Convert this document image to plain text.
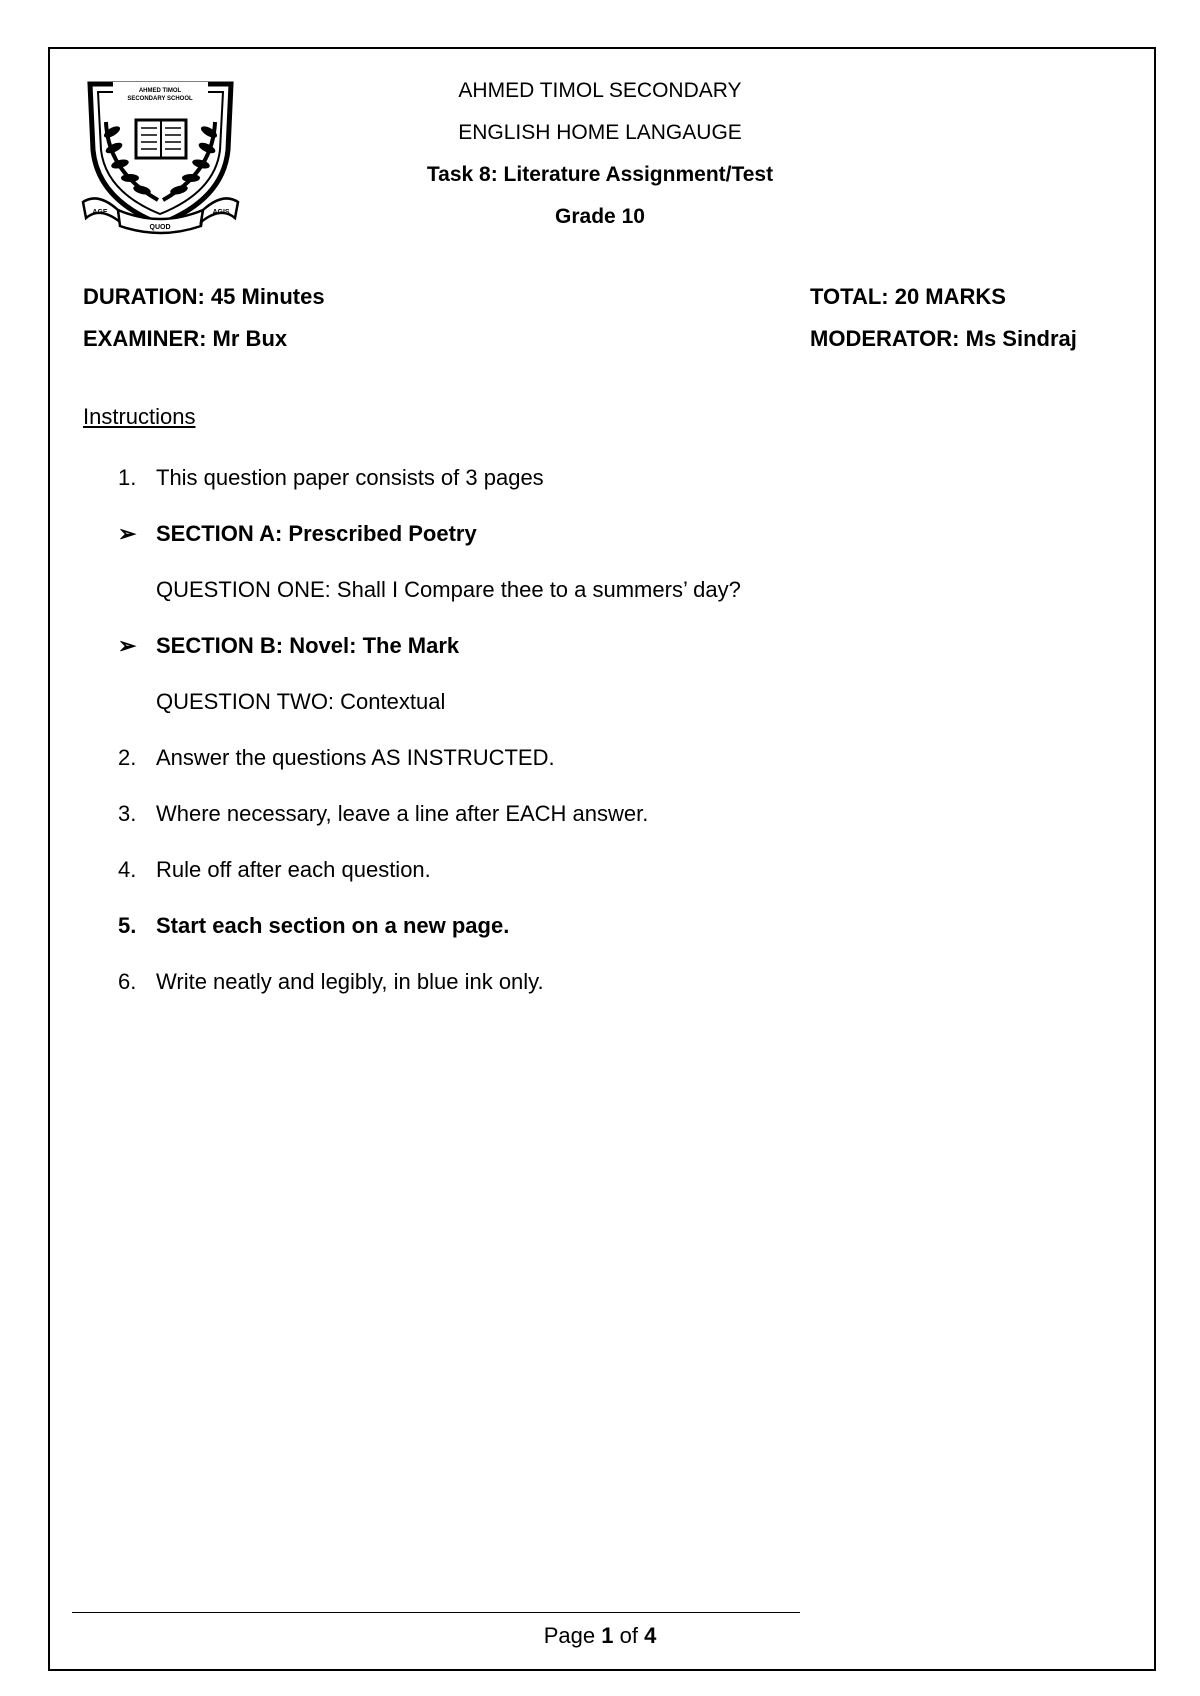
AHMED TIMOL
SECONDARY SCHOOL
AGE
QUOD
AGIS
AHMED TIMOL SECONDARY
ENGLISH HOME LANGAUGE
Task 8: Literature Assignment/Test
Grade 10
DURATION: 45 Minutes
EXAMINER: Mr Bux
TOTAL: 20 MARKS
MODERATOR: Ms Sindraj
Instructions
1. This question paper consists of 3 pages
➢ SECTION A: Prescribed Poetry
QUESTION ONE: Shall I Compare thee to a summers’ day?
➢ SECTION B: Novel: The Mark
QUESTION TWO: Contextual
2. Answer the questions AS INSTRUCTED.
3. Where necessary, leave a line after EACH answer.
4. Rule off after each question.
5. Start each section on a new page.
6. Write neatly and legibly, in blue ink only.
Page 1 of 4
